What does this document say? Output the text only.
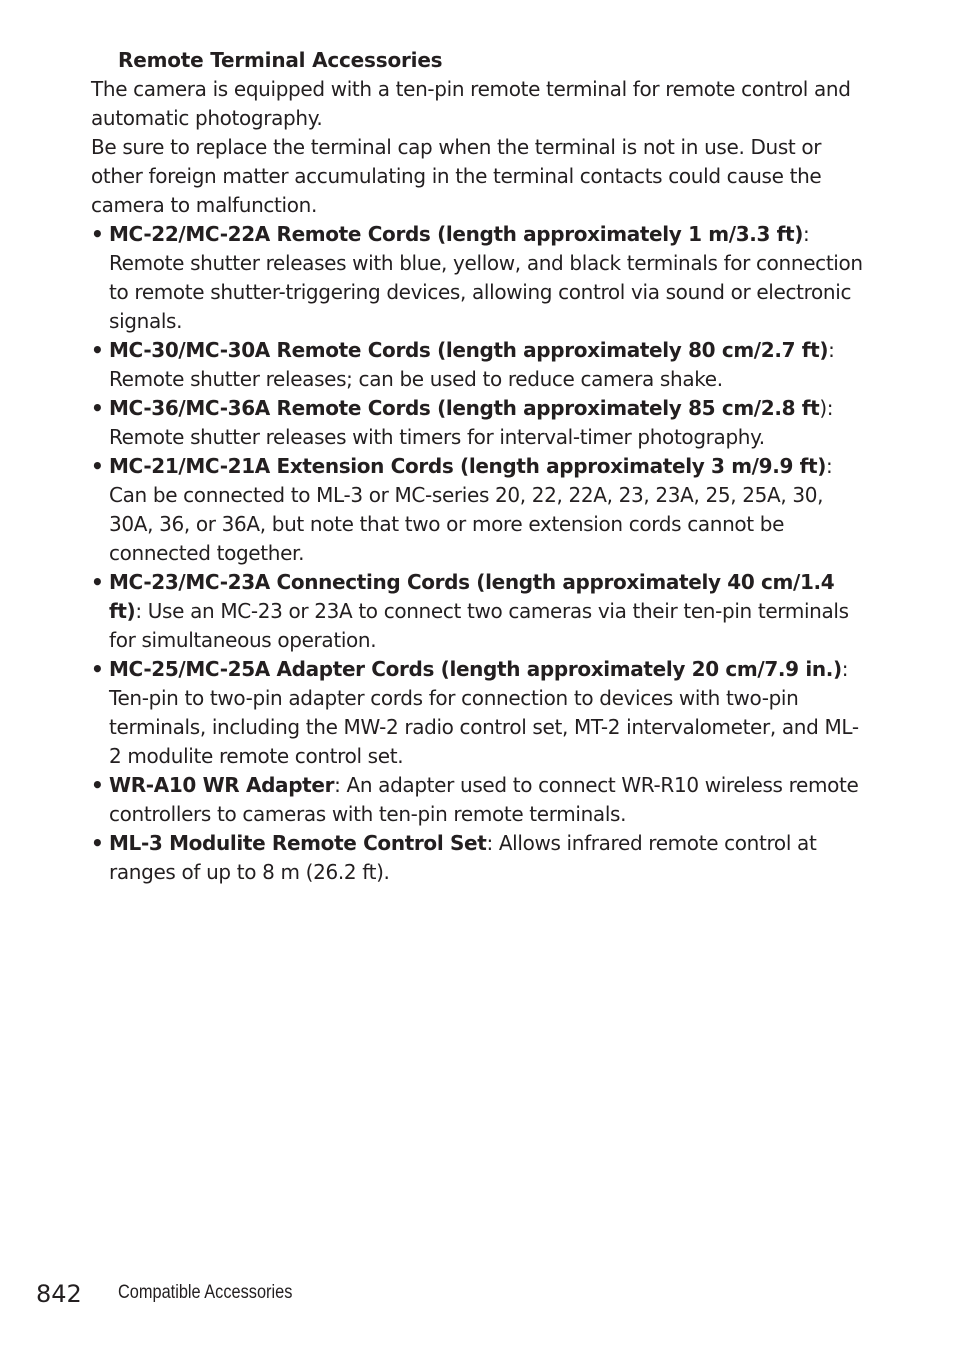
Remote Terminal Accessories

The camera is equipped with a ten-pin remote terminal for remote control and automatic photography.

Be sure to replace the terminal cap when the terminal is not in use. Dust or other foreign matter accumulating in the terminal contacts could cause the camera to malfunction.

• MC-22/MC-22A Remote Cords (length approximately 1 m/3.3 ft): Remote shutter releases with blue, yellow, and black terminals for connection to remote shutter-triggering devices, allowing control via sound or electronic signals.
• MC-30/MC-30A Remote Cords (length approximately 80 cm/2.7 ft): Remote shutter releases; can be used to reduce camera shake.
• MC-36/MC-36A Remote Cords (length approximately 85 cm/2.8 ft): Remote shutter releases with timers for interval-timer photography.
• MC-21/MC-21A Extension Cords (length approximately 3 m/9.9 ft): Can be connected to ML-3 or MC-series 20, 22, 22A, 23, 23A, 25, 25A, 30, 30A, 36, or 36A, but note that two or more extension cords cannot be connected together.
• MC-23/MC-23A Connecting Cords (length approximately 40 cm/1.4 ft): Use an MC-23 or 23A to connect two cameras via their ten-pin terminals for simultaneous operation.
• MC-25/MC-25A Adapter Cords (length approximately 20 cm/7.9 in.): Ten-pin to two-pin adapter cords for connection to devices with two-pin terminals, including the MW-2 radio control set, MT-2 intervalometer, and ML-2 modulite remote control set.
• WR-A10 WR Adapter: An adapter used to connect WR-R10 wireless remote controllers to cameras with ten-pin remote terminals.
• ML-3 Modulite Remote Control Set: Allows infrared remote control at ranges of up to 8 m (26.2 ft).
842 Compatible Accessories
